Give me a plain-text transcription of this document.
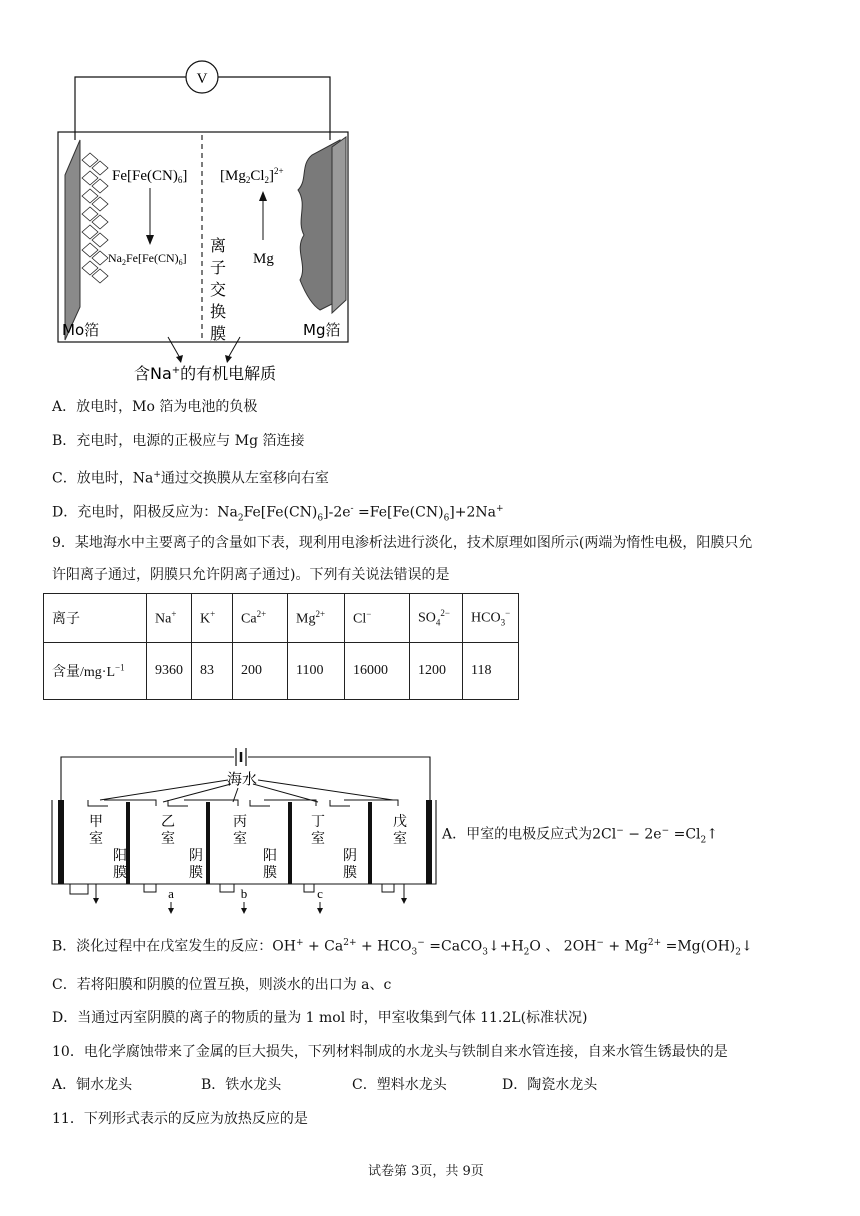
V
$Fe[Fe(CN)_6]$
$Na_2Fe[Fe(CN)_6]$
$[Mg_2Cl_2]^{2+}$
Mg
离
子
交
换
膜
Mo箔	Mg箔
含Na+的有机电解质
A．放电时，Mo 箔为电池的负极
B．充电时，电源的正极应与 Mg 箔连接
C．放电时，Na+通过交换膜从左室移向右室
D．充电时，阳极反应为：$Na_2Fe[Fe(CN)_6]-2e^- =Fe[Fe(CN)_6]+2Na^+$
9．某地海水中主要离子的含量如下表，现利用电渗析法进行淡化，技术原理如图所示(两端为惰性电极，阳膜只允
许阳离子通过，阴膜只允许阴离子通过)。下列有关说法错误的是
离子	Na+	K+	$Ca^{2+}$	$Mg^{2+}$	Cl−	$SO_4^{2-}$	$HCO_3^-$
含量$/mg\cdot L^{-1}$	9360	83	200	1100	16000	1200	118
海水
甲
室
乙
室
丙
室
丁
室
戊
室
阳
膜
阴
膜
阳
膜
阴
膜
a	b	c
A．甲室的电极反应式为$2Cl^- - 2e^- =Cl_2↑$
B．淡化过程中在戊室发生的反应：$OH^+ + Ca^{2+} + HCO_3^-$ $=CaCO_3↓+H_2O$ 、 $2OH^- + Mg^{2+}$ $=Mg(OH)_2↓$
C．若将阳膜和阴膜的位置互换，则淡水的出口为 a、c
D．当通过丙室阴膜的离子的物质的量为 1 mol 时，甲室收集到气体 11.2L(标准状况)
10．电化学腐蚀带来了金属的巨大损失，下列材料制成的水龙头与铁制自来水管连接，自来水管生锈最快的是
A．铜水龙头	B．铁水龙头	C．塑料水龙头	D．陶瓷水龙头
11．下列形式表示的反应为放热反应的是
试卷第 3页，共 9页
